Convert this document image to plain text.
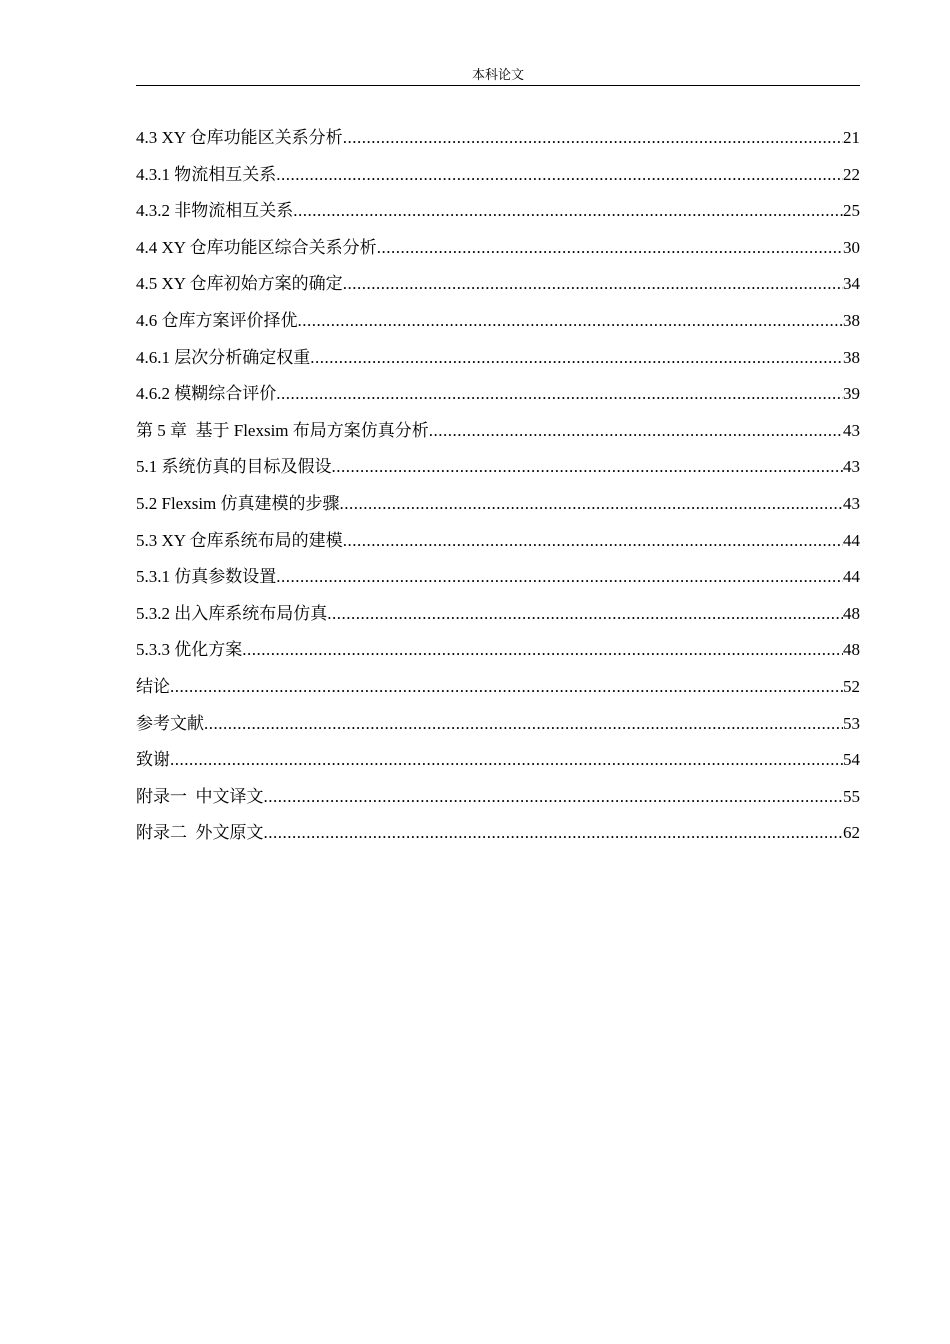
本科论文
4.3 XY 仓库功能区关系分析 .....	21
4.3.1 物流相互关系 .....	22
4.3.2 非物流相互关系 .....	25
4.4 XY 仓库功能区综合关系分析 .....	30
4.5 XY 仓库初始方案的确定 .....	34
4.6 仓库方案评价择优 .....	38
4.6.1 层次分析确定权重 .....	38
4.6.2 模糊综合评价 .....	39
第 5 章  基于 Flexsim 布局方案仿真分析 .....	43
5.1 系统仿真的目标及假设 .....	43
5.2 Flexsim 仿真建模的步骤 .....	43
5.3 XY 仓库系统布局的建模 .....	44
5.3.1 仿真参数设置 .....	44
5.3.2 出入库系统布局仿真 .....	48
5.3.3 优化方案 .....	48
结论 .....	52
参考文献 .....	53
致谢 .....	54
附录一  中文译文 .....	55
附录二  外文原文 .....	62
